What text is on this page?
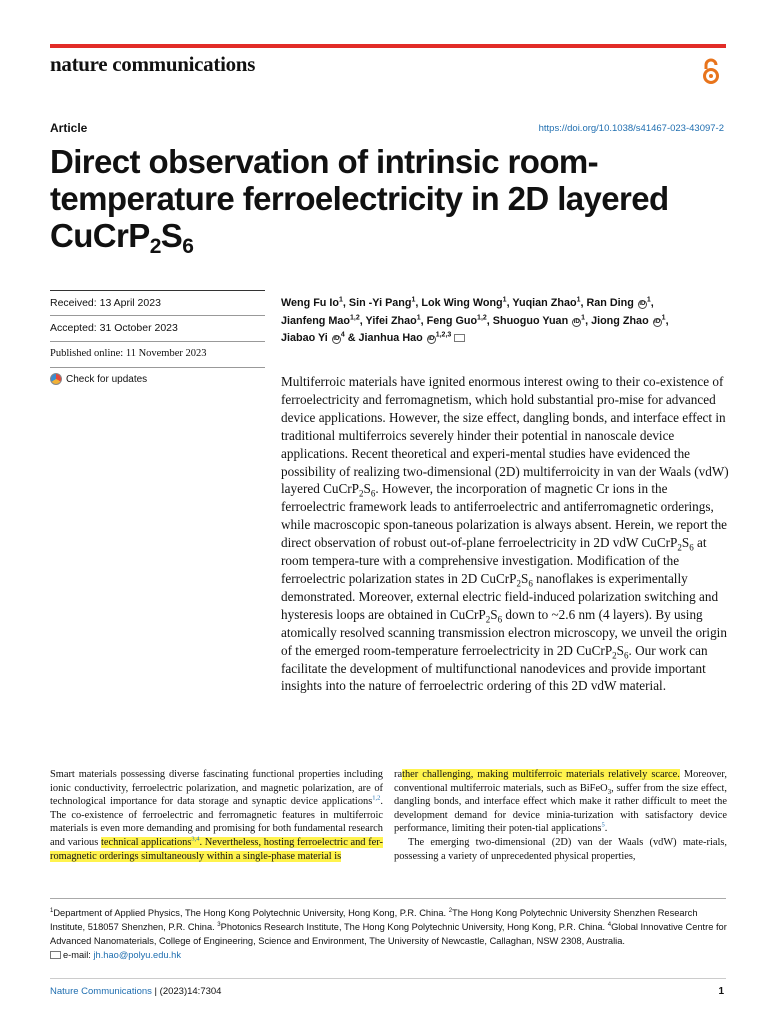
nature communications
Article	https://doi.org/10.1038/s41467-023-43097-2
Direct observation of intrinsic room-
temperature ferroelectricity in 2D layered
$CuCrP_2S_6$
Received: 13 April 2023
Accepted: 31 October 2023
Published online: 11 November 2023
Check for updates
Weng Fu Io$^1$, Sin -Yi Pang$^1$, Lok Wing Wong$^1$, Yuqian Zhao$^1$, Ran Ding $iD^1$,
Jianfeng Mao$^{1,2}$, Yifei Zhao$^1$, Feng Guo$^{1,2}$, Shuoguo Yuan $iD^1$, Jiong Zhao $iD^1$,
Jiabao Yi $iD^4$ & Jianhua Hao iD$^{1,2,3}$
Multiferroic materials have ignited enormous interest owing to their co-existence of ferroelectricity and ferromagnetism, which hold substantial pro-mise for advanced device applications. However, the size effect, dangling bonds, and interface effect in traditional multiferroics severely hinder their potential in nanoscale device applications. Recent theoretical and experi-mental studies have evidenced the possibility of realizing two-dimensional (2D) multiferroicity in van der Waals (vdW) layered $CuCrP_2S_6$. However, the incorporation of magnetic Cr ions in the ferroelectric framework leads to antiferroelectric and antiferromagnetic orderings, while macroscopic spon-taneous polarization is always absent. Herein, we report the direct observation of robust out-of-plane ferroelectricity in 2D vdW $CuCrP_2S_6$ at room tempera-ture with a comprehensive investigation. Modification of the ferroelectric polarization states in 2D $CuCrP_2S_6$ nanoflakes is experimentally demonstrated. Moreover, external electric field-induced polarization switching and hysteresis loops are obtained in $CuCrP_2S_6$ down to ~2.6 nm (4 layers). By using atomically resolved scanning transmission electron microscopy, we unveil the origin of the emerged room-temperature ferroelectricity in 2D $CuCrP_2S_6$. Our work can facilitate the development of multifunctional nanodevices and provide important insights into the nature of ferroelectric ordering of this 2D vdW material.
Smart materials possessing diverse fascinating functional properties including ionic conductivity, ferroelectric polarization, and magnetic polarization, are of technological importance for data storage and synaptic device applications$^{1,2}$. The co-existence of ferroelectric and ferromagnetic features in multiferroic materials is even more demanding and promising for both fundamental research and various technical applications$^{3,4}$. Nevertheless, hosting ferroelectric and fer-romagnetic orderings simultaneously within a single-phase material is

rather challenging, making multiferroic materials relatively scarce. Moreover, conventional multiferroic materials, such as BiFeO$_3$, suffer from the size effect, dangling bonds, and interface effect which make it rather difficult to meet the development demand for device minia-turization with satisfactory device performance, limiting their poten-tial applications$^5$.

The emerging two-dimensional (2D) van der Waals (vdW) mate-rials, possessing a variety of unprecedented physical properties,

$^1$Department of Applied Physics, The Hong Kong Polytechnic University, Hong Kong, P.R. China. $^2$The Hong Kong Polytechnic University Shenzhen Research Institute, 518057 Shenzhen, P.R. China. $^3$Photonics Research Institute, The Hong Kong Polytechnic University, Hong Kong, P.R. China. $^4$Global Innovative Centre for Advanced Nanomaterials, College of Engineering, Science and Environment, The University of Newcastle, Callaghan, NSW 2308, Australia.
e-mail: jh.hao@polyu.edu.hk
Nature Communications | (2023)14:7304	1
